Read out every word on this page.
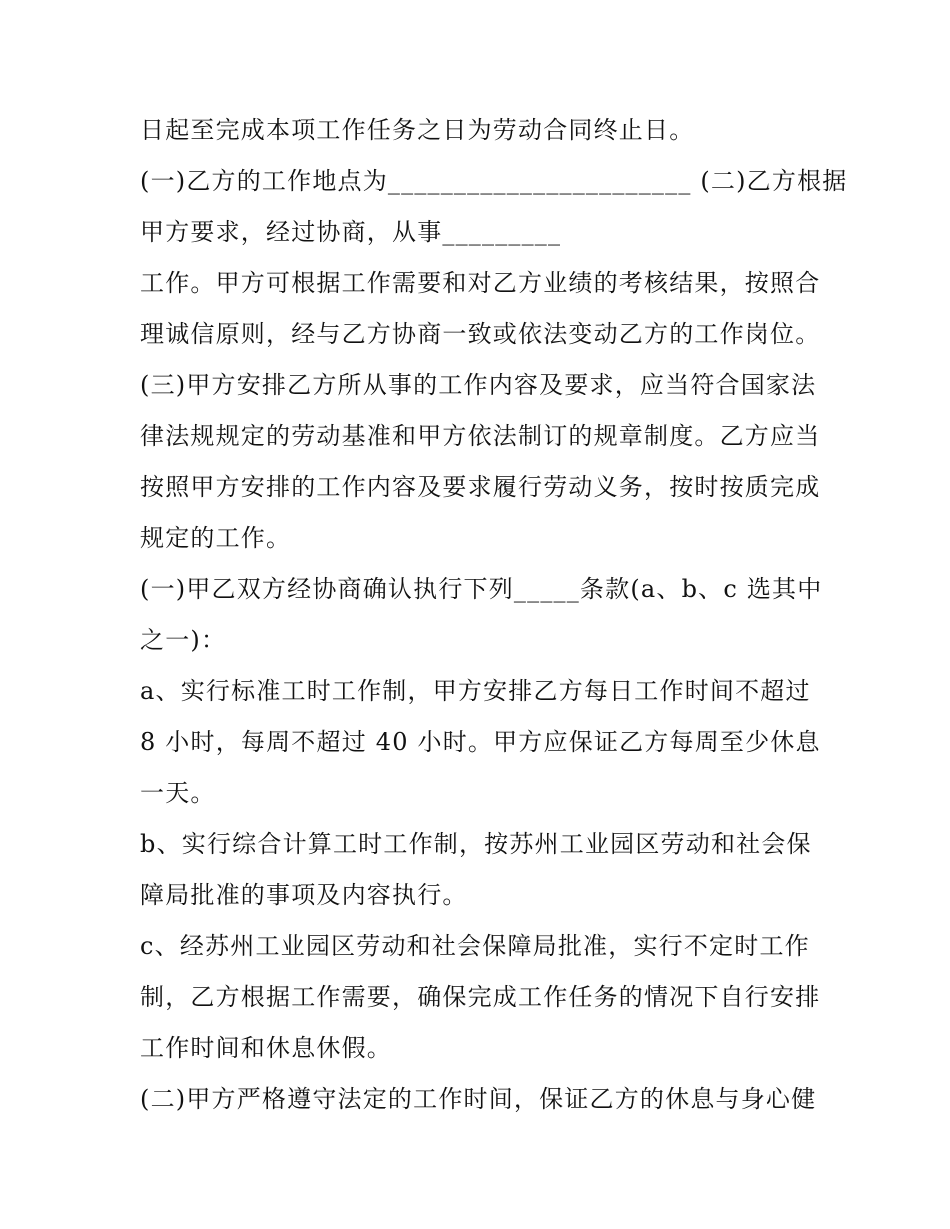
日起至完成本项工作任务之日为劳动合同终止日。
(一)乙方的工作地点为_______________________ (二)乙方根据
甲方要求，经过协商，从事_________
工作。甲方可根据工作需要和对乙方业绩的考核结果，按照合
理诚信原则，经与乙方协商一致或依法变动乙方的工作岗位。
(三)甲方安排乙方所从事的工作内容及要求，应当符合国家法
律法规规定的劳动基准和甲方依法制订的规章制度。乙方应当
按照甲方安排的工作内容及要求履行劳动义务，按时按质完成
规定的工作。
(一)甲乙双方经协商确认执行下列_____条款(a、b、c 选其中
之一)：
a、实行标准工时工作制，甲方安排乙方每日工作时间不超过
8 小时，每周不超过 40 小时。甲方应保证乙方每周至少休息
一天。
b、实行综合计算工时工作制，按苏州工业园区劳动和社会保
障局批准的事项及内容执行。
c、经苏州工业园区劳动和社会保障局批准，实行不定时工作
制，乙方根据工作需要，确保完成工作任务的情况下自行安排
工作时间和休息休假。
(二)甲方严格遵守法定的工作时间，保证乙方的休息与身心健
